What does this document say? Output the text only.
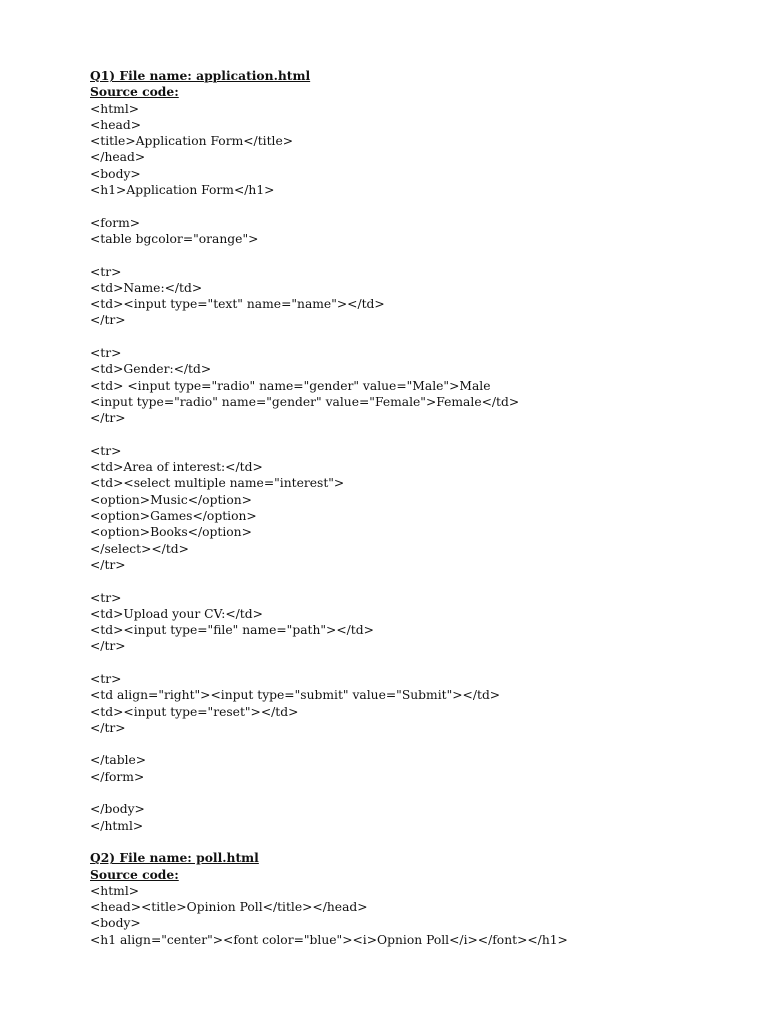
Q1) File name: application.html
Source code:
<html>
<head>
<title>Application Form</title>
</head>
<body>
<h1>Application Form</h1>
<form>
<table bgcolor="orange">
<tr>
<td>Name:</td>
<td><input type="text" name="name"></td>
</tr>
<tr>
<td>Gender:</td>
<td> <input type="radio" name="gender" value="Male">Male
<input type="radio" name="gender" value="Female">Female</td>
</tr>
<tr>
<td>Area of interest:</td>
<td><select multiple name="interest">
<option>Music</option>
<option>Games</option>
<option>Books</option>
</select></td>
</tr>
<tr>
<td>Upload your CV:</td>
<td><input type="file" name="path"></td>
</tr>
<tr>
<td align="right"><input type="submit" value="Submit"></td>
<td><input type="reset"></td>
</tr>
</table>
</form>
</body>
</html>
Q2) File name: poll.html
Source code:
<html>
<head><title>Opinion Poll</title></head>
<body>
<h1 align="center"><font color="blue"><i>Opnion Poll</i></font></h1>
